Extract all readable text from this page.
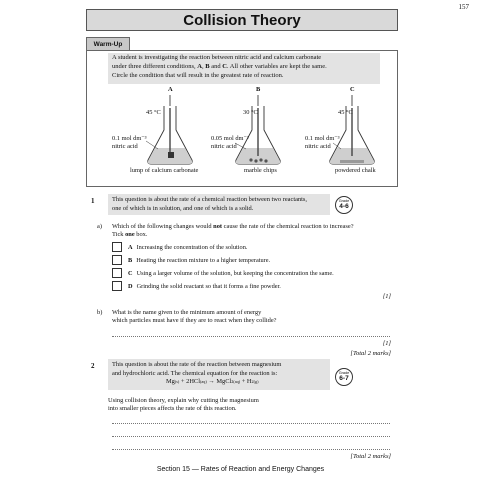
157
Collision Theory
Warm-Up
A student is investigating the reaction between nitric acid and calcium carbonate
under three different conditions, A, B and C. All other variables are kept the same.
Circle the condition that will result in the greatest rate of reaction.
A
45 °C
0.1 mol dm⁻³
nitric acid
lump of calcium carbonate
B
30 °C
0.05 mol dm⁻³
nitric acid
marble chips
C
45 °C
0.1 mol dm⁻³
nitric acid
powdered chalk
1	This question is about the rate of a chemical reaction between two reactants,
one of which is in solution, and one of which is a solid.
Grade
4-6
a) Which of the following changes would not cause the rate of the chemical reaction to increase?
Tick one box.
A Increasing the concentration of the solution.
B Heating the reaction mixture to a higher temperature.
C Using a larger volume of the solution, but keeping the concentration the same.
D Grinding the solid reactant so that it forms a fine powder.
[1]
b) What is the name given to the minimum amount of energy
which particles must have if they are to react when they collide?
[1]
[Total 2 marks]
2	This question is about the rate of the reaction between magnesium
and hydrochloric acid. The chemical equation for the reaction is:
Mg(s) + 2HCl(aq) → MgCl2(aq) + H2(g)
Grade
6-7
Using collision theory, explain why cutting the magnesium
into smaller pieces affects the rate of this reaction.
[Total 2 marks]
Section 15 — Rates of Reaction and Energy Changes
